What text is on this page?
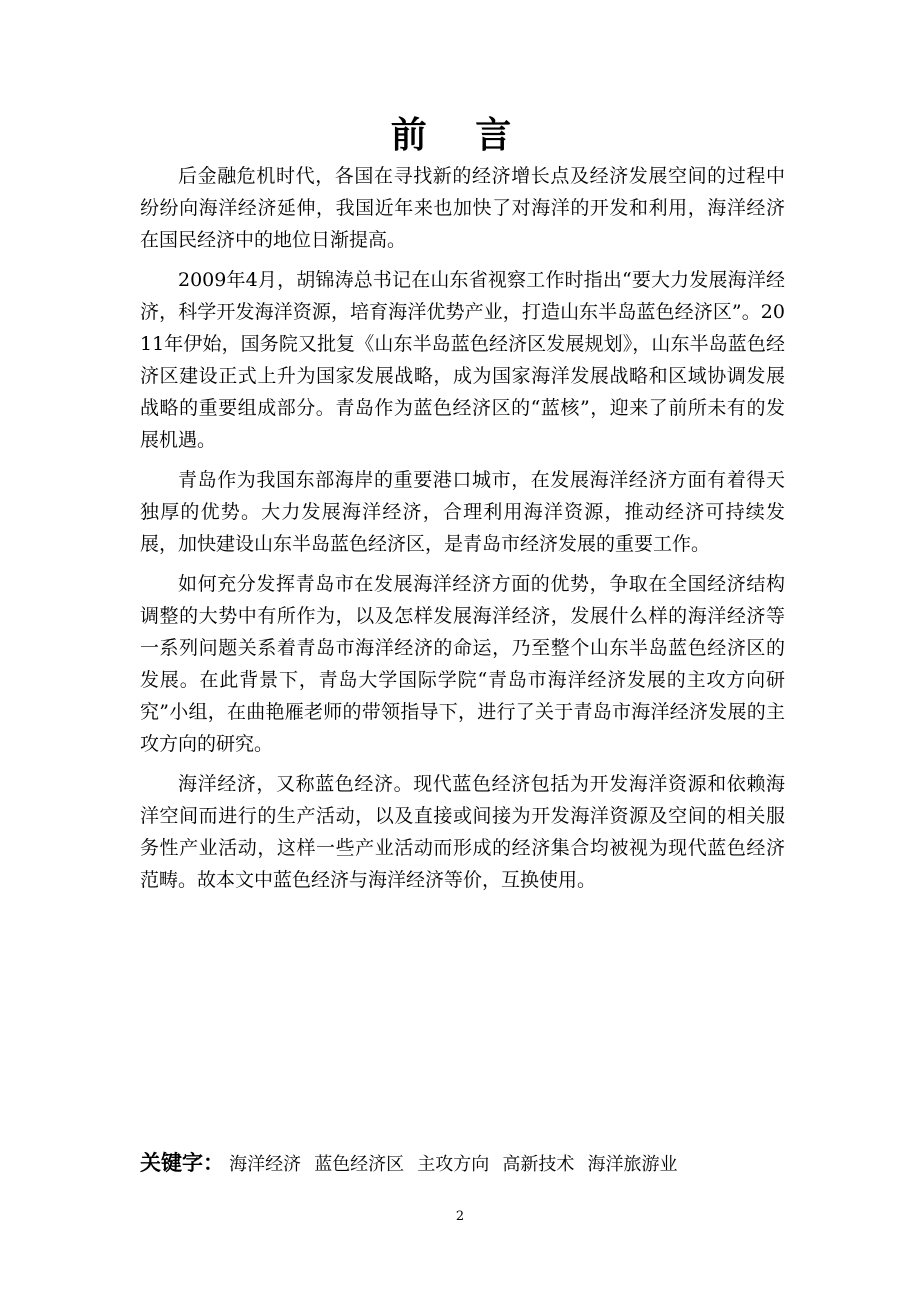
前 言

后金融危机时代，各国在寻找新的经济增长点及经济发展空间的过程中纷纷向海洋经济延伸，我国近年来也加快了对海洋的开发和利用，海洋经济在国民经济中的地位日渐提高。

2009年4月，胡锦涛总书记在山东省视察工作时指出“要大力发展海洋经济，科学开发海洋资源，培育海洋优势产业，打造山东半岛蓝色经济区”。2011年伊始，国务院又批复《山东半岛蓝色经济区发展规划》，山东半岛蓝色经济区建设正式上升为国家发展战略，成为国家海洋发展战略和区域协调发展战略的重要组成部分。青岛作为蓝色经济区的“蓝核”，迎来了前所未有的发展机遇。

青岛作为我国东部海岸的重要港口城市，在发展海洋经济方面有着得天独厚的优势。大力发展海洋经济，合理利用海洋资源，推动经济可持续发展，加快建设山东半岛蓝色经济区，是青岛市经济发展的重要工作。

如何充分发挥青岛市在发展海洋经济方面的优势，争取在全国经济结构调整的大势中有所作为，以及怎样发展海洋经济，发展什么样的海洋经济等一系列问题关系着青岛市海洋经济的命运，乃至整个山东半岛蓝色经济区的发展。在此背景下，青岛大学国际学院“青岛市海洋经济发展的主攻方向研究”小组，在曲艳雁老师的带领指导下，进行了关于青岛市海洋经济发展的主攻方向的研究。

海洋经济，又称蓝色经济。现代蓝色经济包括为开发海洋资源和依赖海洋空间而进行的生产活动，以及直接或间接为开发海洋资源及空间的相关服务性产业活动，这样一些产业活动而形成的经济集合均被视为现代蓝色经济范畴。故本文中蓝色经济与海洋经济等价，互换使用。

关键字： 海洋经济 蓝色经济区 主攻方向 高新技术 海洋旅游业
2
